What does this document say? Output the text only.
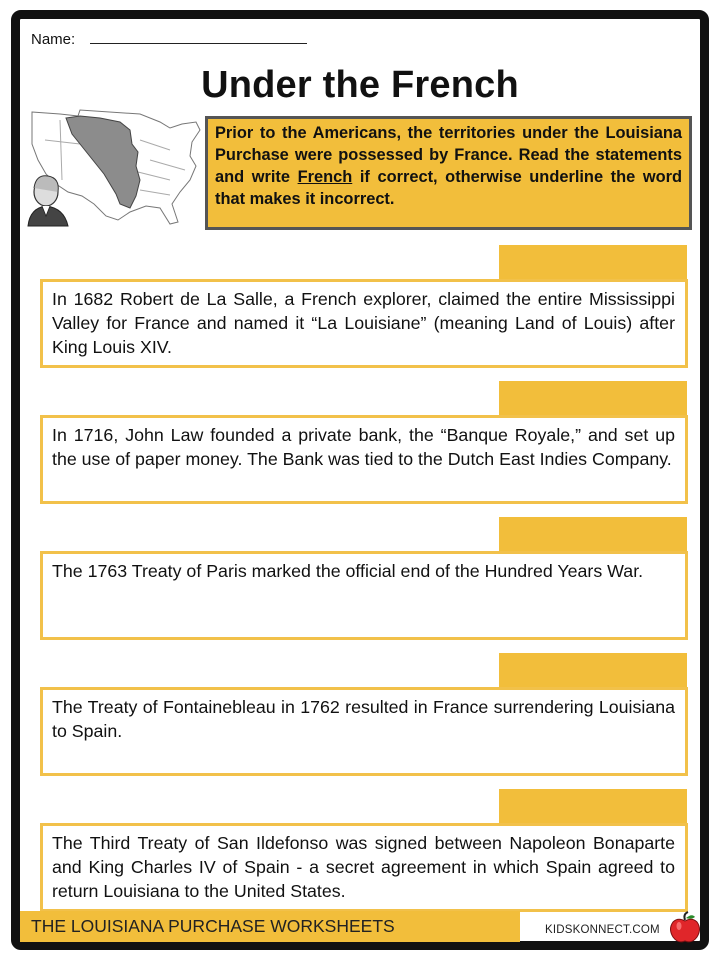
Name:
Under the French
Prior to the Americans, the territories under the Louisiana Purchase were possessed by France. Read the statements and write French if correct, otherwise underline the word that makes it incorrect.
In 1682 Robert de La Salle, a French explorer, claimed the entire Mississippi Valley for France and named it “La Louisiane” (meaning Land of Louis) after King Louis XIV.
In 1716, John Law founded a private bank, the “Banque Royale,” and set up the use of paper money. The Bank was tied to the Dutch East Indies Company.
The 1763 Treaty of Paris marked the official end of the Hundred Years War.
The Treaty of Fontainebleau in 1762 resulted in France surrendering Louisiana to Spain.
The Third Treaty of San Ildefonso was signed between Napoleon Bonaparte and King Charles IV of Spain - a secret agreement in which Spain agreed to return Louisiana to the United States.
THE LOUISIANA PURCHASE WORKSHEETS	KIDSKONNECT.COM
